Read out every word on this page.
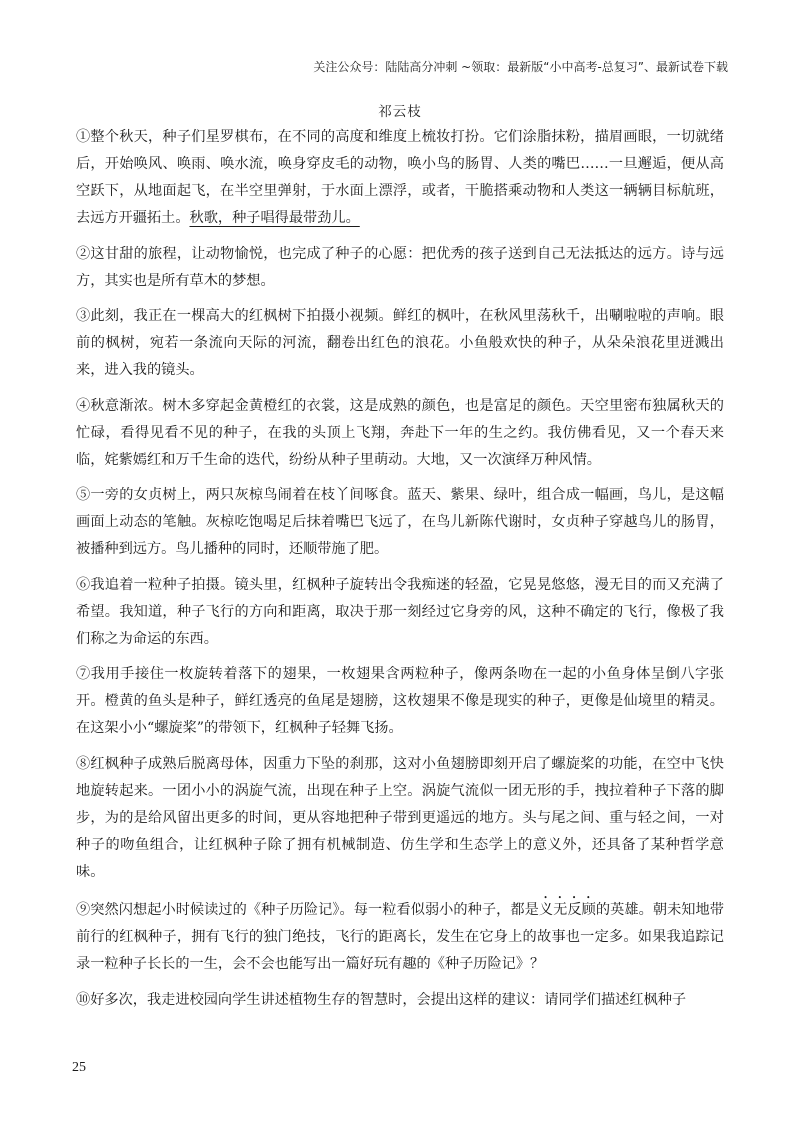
关注公众号：陆陆高分冲刺 ~领取：最新版“小中高考-总复习”、最新试卷下载
祁云枝

①整个秋天，种子们星罗棋布，在不同的高度和维度上梳妆打扮。它们涂脂抹粉，描眉画眼，一切就绪后，开始唤风、唤雨、唤水流，唤身穿皮毛的动物，唤小鸟的肠胃、人类的嘴巴……一旦邂逅，便从高空跃下，从地面起飞，在半空里弹射，于水面上漂浮，或者，干脆搭乘动物和人类这一辆辆目标航班，去远方开疆拓土。秋歌，种子唱得最带劲儿。

②这甘甜的旅程，让动物愉悦，也完成了种子的心愿：把优秀的孩子送到自己无法抵达的远方。诗与远方，其实也是所有草木的梦想。

③此刻，我正在一棵高大的红枫树下拍摄小视频。鲜红的枫叶，在秋风里荡秋千，出唰啦啦的声响。眼前的枫树，宛若一条流向天际的河流，翻卷出红色的浪花。小鱼般欢快的种子，从朵朵浪花里迸溅出来，进入我的镜头。

④秋意渐浓。树木多穿起金黄橙红的衣裳，这是成熟的颜色，也是富足的颜色。天空里密布独属秋天的忙碌，看得见看不见的种子，在我的头顶上飞翔，奔赴下一年的生之约。我仿佛看见，又一个春天来临，姹紫嫣红和万千生命的迭代，纷纷从种子里萌动。大地，又一次演绎万种风情。

⑤一旁的女贞树上，两只灰椋鸟闹着在枝丫间啄食。蓝天、紫果、绿叶，组合成一幅画，鸟儿，是这幅画面上动态的笔触。灰椋吃饱喝足后抹着嘴巴飞远了，在鸟儿新陈代谢时，女贞种子穿越鸟儿的肠胃，被播种到远方。鸟儿播种的同时，还顺带施了肥。

⑥我追着一粒种子拍摄。镜头里，红枫种子旋转出令我痴迷的轻盈，它晃晃悠悠，漫无目的而又充满了希望。我知道，种子飞行的方向和距离，取决于那一刻经过它身旁的风，这种不确定的飞行，像极了我们称之为命运的东西。

⑦我用手接住一枚旋转着落下的翅果，一枚翅果含两粒种子，像两条吻在一起的小鱼身体呈倒八字张开。橙黄的鱼头是种子，鲜红透亮的鱼尾是翅膀，这枚翅果不像是现实的种子，更像是仙境里的精灵。在这架小小“螺旋桨”的带领下，红枫种子轻舞飞扬。

⑧红枫种子成熟后脱离母体，因重力下坠的刹那，这对小鱼翅膀即刻开启了螺旋桨的功能，在空中飞快地旋转起来。一团小小的涡旋气流，出现在种子上空。涡旋气流似一团无形的手，拽拉着种子下落的脚步，为的是给风留出更多的时间，更从容地把种子带到更遥远的地方。头与尾之间、重与轻之间，一对种子的吻鱼组合，让红枫种子除了拥有机械制造、仿生学和生态学上的意义外，还具备了某种哲学意味。

⑨突然闪想起小时候读过的《种子历险记》。每一粒看似弱小的种子，都是义无反顾的英雄。朝未知地带前行的红枫种子，拥有飞行的独门绝技，飞行的距离长，发生在它身上的故事也一定多。如果我追踪记录一粒种子长长的一生，会不会也能写出一篇好玩有趣的《种子历险记》？

⑩好多次，我走进校园向学生讲述植物生存的智慧时，会提出这样的建议：请同学们描述红枫种子

25
